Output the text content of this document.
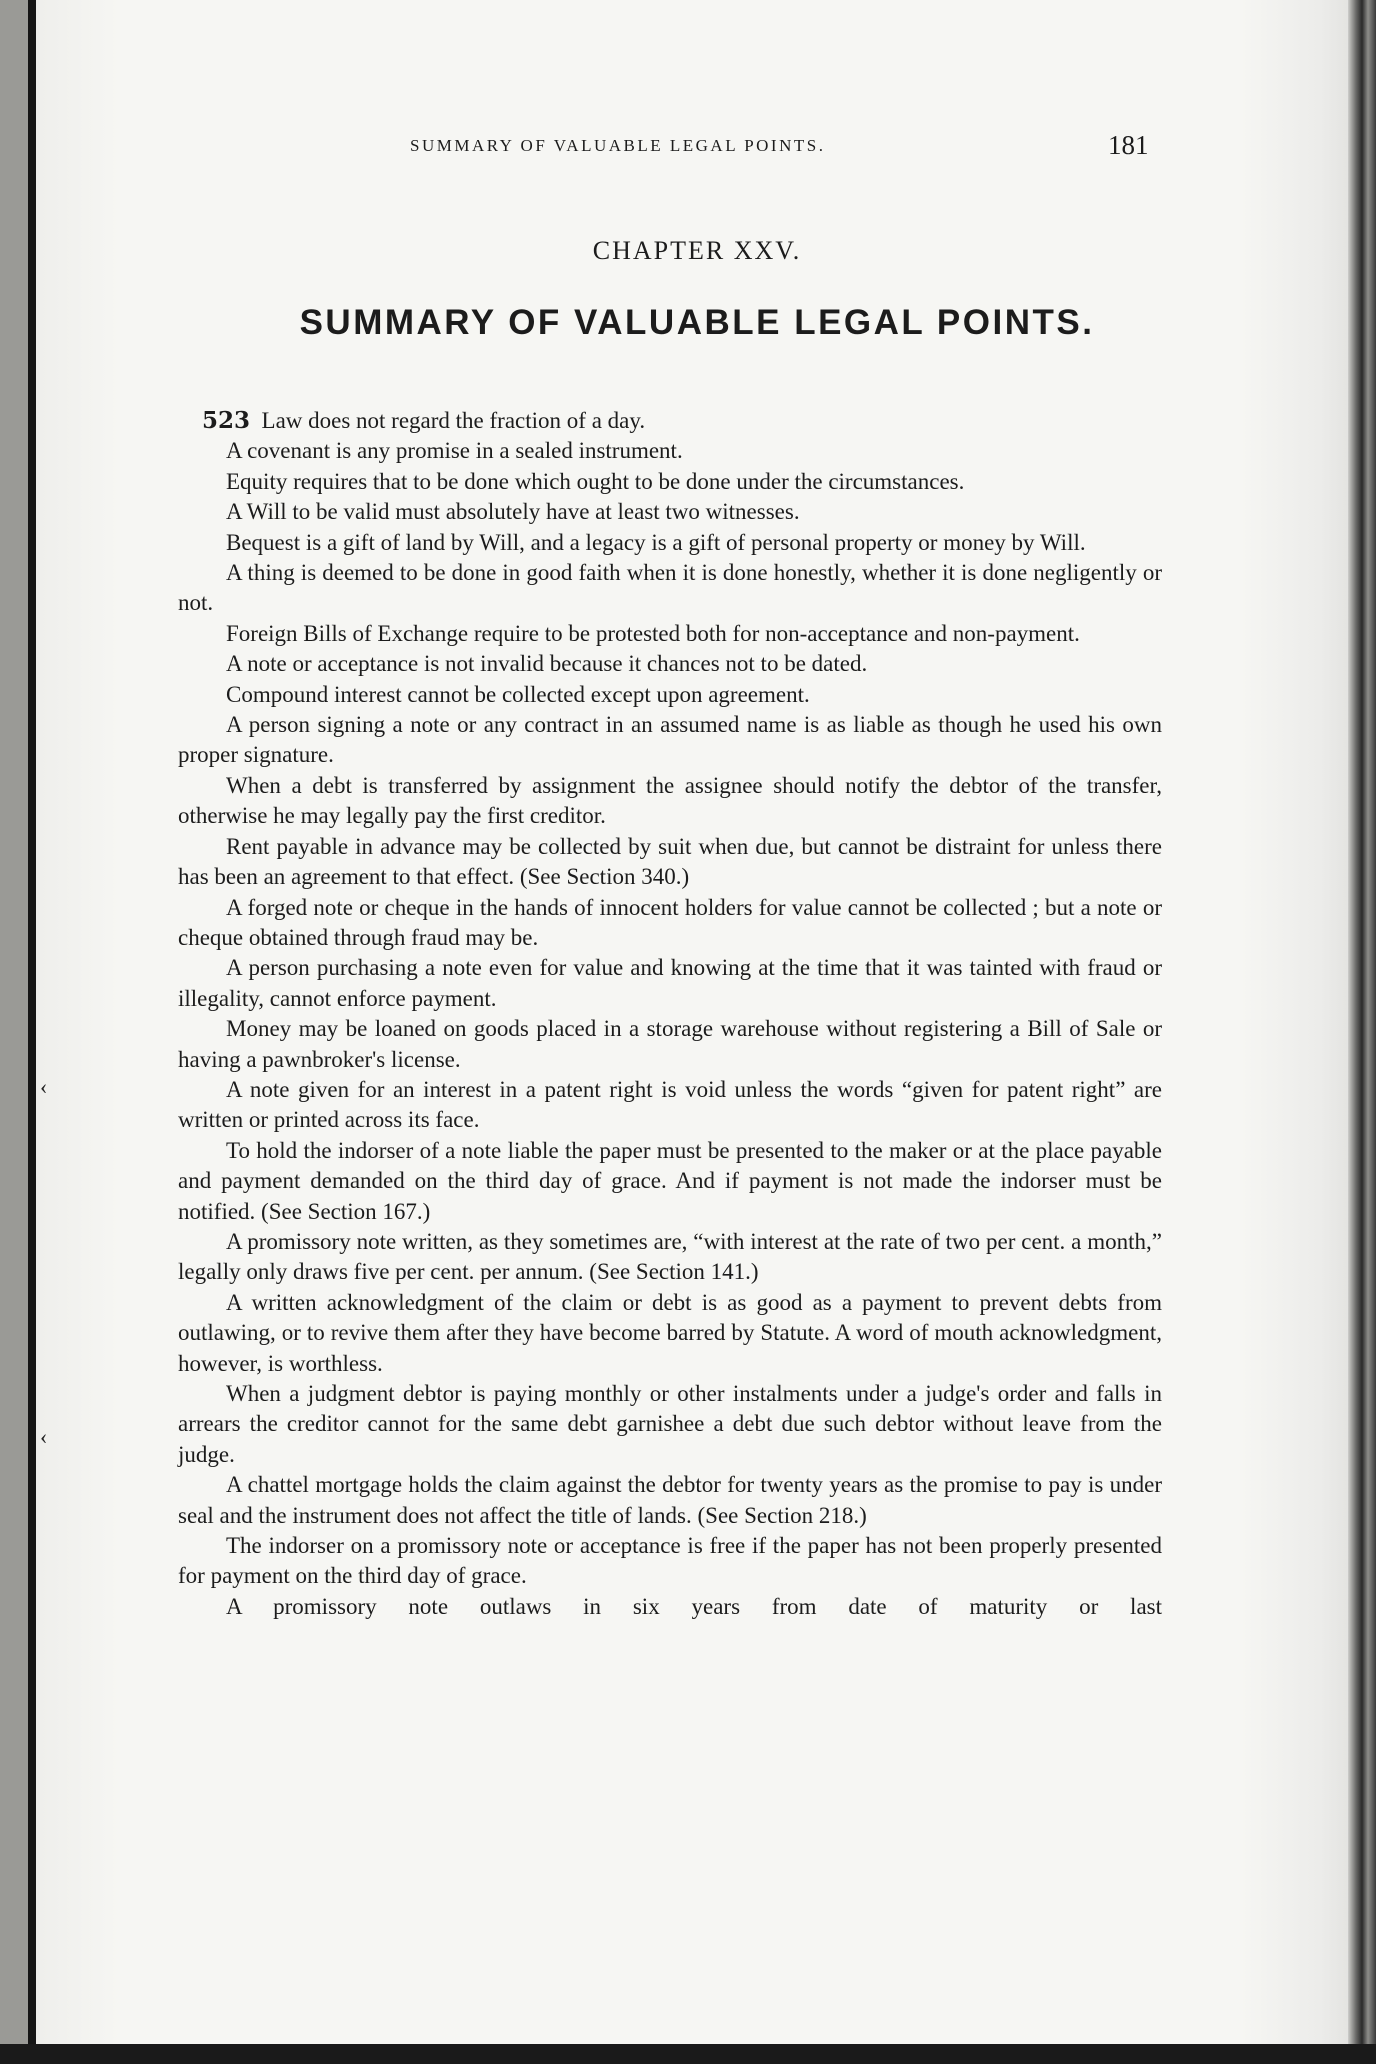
‹
‹
SUMMARY OF VALUABLE LEGAL POINTS.	181
CHAPTER XXV.
SUMMARY OF VALUABLE LEGAL POINTS.

523 Law does not regard the fraction of a day.

A covenant is any promise in a sealed instrument.

Equity requires that to be done which ought to be done under the circumstances.

A Will to be valid must absolutely have at least two witnesses.

Bequest is a gift of land by Will, and a legacy is a gift of personal property or money by Will.

A thing is deemed to be done in good faith when it is done honestly, whether it is done negligently or not.

Foreign Bills of Exchange require to be protested both for non-acceptance and non-payment.

A note or acceptance is not invalid because it chances not to be dated.

Compound interest cannot be collected except upon agreement.

A person signing a note or any contract in an assumed name is as liable as though he used his own proper signature.

When a debt is transferred by assignment the assignee should notify the debtor of the transfer, otherwise he may legally pay the first creditor.

Rent payable in advance may be collected by suit when due, but cannot be distraint for unless there has been an agreement to that effect. (See Section 340.)

A forged note or cheque in the hands of innocent holders for value cannot be collected ; but a note or cheque obtained through fraud may be.

A person purchasing a note even for value and knowing at the time that it was tainted with fraud or illegality, cannot enforce payment.

Money may be loaned on goods placed in a storage warehouse without registering a Bill of Sale or having a pawnbroker's license.

A note given for an interest in a patent right is void unless the words “given for patent right” are written or printed across its face.

To hold the indorser of a note liable the paper must be presented to the maker or at the place payable and payment demanded on the third day of grace. And if payment is not made the indorser must be notified. (See Section 167.)

A promissory note written, as they sometimes are, “with interest at the rate of two per cent. a month,” legally only draws five per cent. per annum. (See Section 141.)

A written acknowledgment of the claim or debt is as good as a payment to prevent debts from outlawing, or to revive them after they have become barred by Statute. A word of mouth acknowledgment, however, is worthless.

When a judgment debtor is paying monthly or other instalments under a judge's order and falls in arrears the creditor cannot for the same debt garnishee a debt due such debtor without leave from the judge.

A chattel mortgage holds the claim against the debtor for twenty years as the promise to pay is under seal and the instrument does not affect the title of lands. (See Section 218.)

The indorser on a promissory note or acceptance is free if the paper has not been properly presented for payment on the third day of grace.

A promissory note outlaws in six years from date of maturity or last
